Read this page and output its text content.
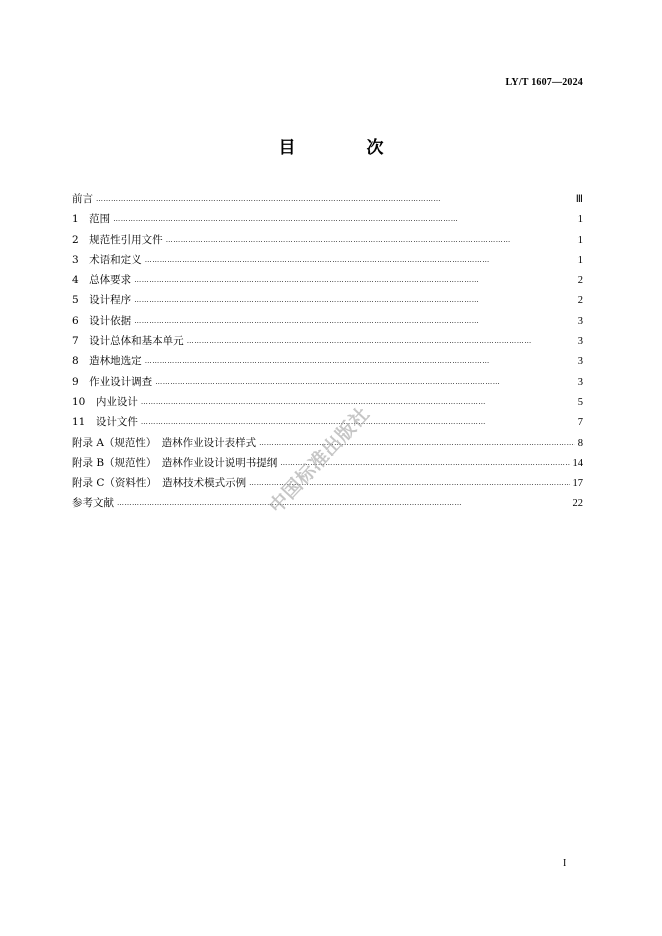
LY/T 1607—2024
目　次
前言 …………………………………………………………………………………………………………………………	Ⅲ
1　范围 …………………………………………………………………………………………………………………………	1
2　规范性引用文件 …………………………………………………………………………………………………………………………	1
3　术语和定义 …………………………………………………………………………………………………………………………	1
4　总体要求 …………………………………………………………………………………………………………………………	2
5　设计程序 …………………………………………………………………………………………………………………………	2
6　设计依据 …………………………………………………………………………………………………………………………	3
7　设计总体和基本单元 …………………………………………………………………………………………………………………………	3
8　造林地选定 …………………………………………………………………………………………………………………………	3
9　作业设计调查 …………………………………………………………………………………………………………………………	3
10　内业设计 …………………………………………………………………………………………………………………………	5
11　设计文件 …………………………………………………………………………………………………………………………	7
附录 A（规范性）　造林作业设计表样式 …………………………………………………………………………………………………………………………	8
附录 B（规范性）　造林作业设计说明书提纲 …………………………………………………………………………………………………………………………	14
附录 C（资料性）　造林技术模式示例 …………………………………………………………………………………………………………………………	17
参考文献 …………………………………………………………………………………………………………………………	22
中国标准出版社
I
